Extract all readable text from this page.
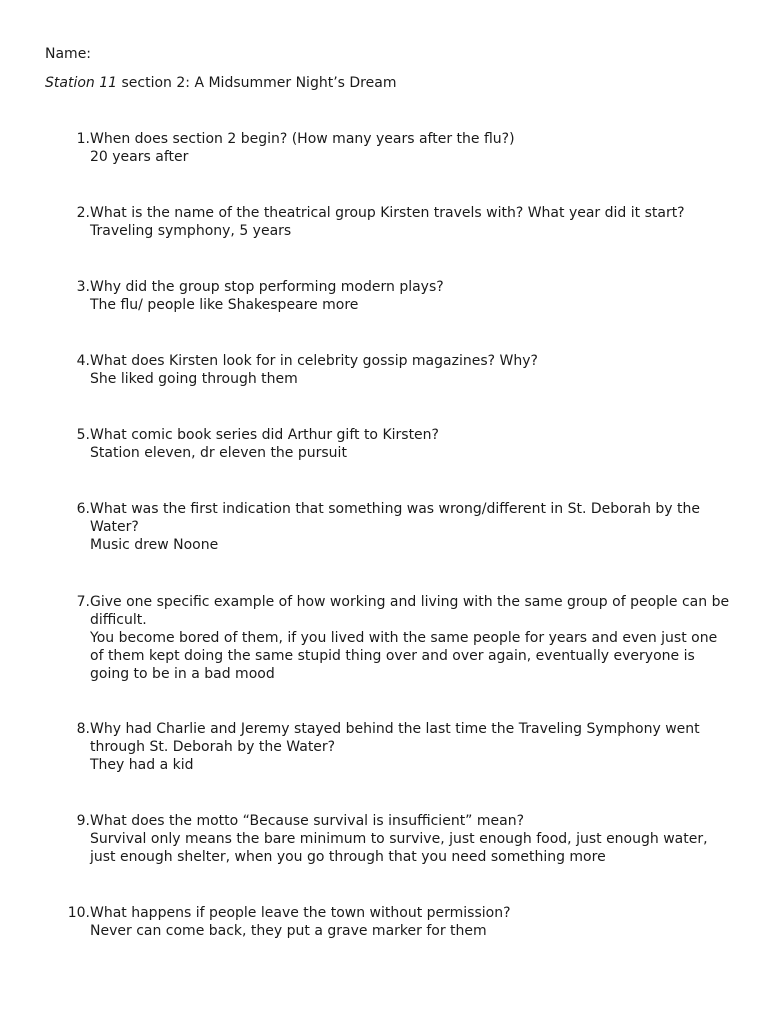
Name:
Station 11 section 2: A Midsummer Night’s Dream
1. When does section 2 begin? (How many years after the flu?)
20 years after
2. What is the name of the theatrical group Kirsten travels with? What year did it start?
Traveling symphony, 5 years
3. Why did the group stop performing modern plays?
The flu/ people like Shakespeare more
4. What does Kirsten look for in celebrity gossip magazines? Why?
She liked going through them
5. What comic book series did Arthur gift to Kirsten?
Station eleven, dr eleven the pursuit
6. What was the first indication that something was wrong/different in St. Deborah by the Water?
Music drew Noone
7. Give one specific example of how working and living with the same group of people can be difficult.
You become bored of them, if you lived with the same people for years and even just one of them kept doing the same stupid thing over and over again, eventually everyone is going to be in a bad mood
8. Why had Charlie and Jeremy stayed behind the last time the Traveling Symphony went through St. Deborah by the Water?
They had a kid
9. What does the motto “Because survival is insufficient” mean?
Survival only means the bare minimum to survive, just enough food, just enough water, just enough shelter, when you go through that you need something more
10. What happens if people leave the town without permission?
Never can come back, they put a grave marker for them
